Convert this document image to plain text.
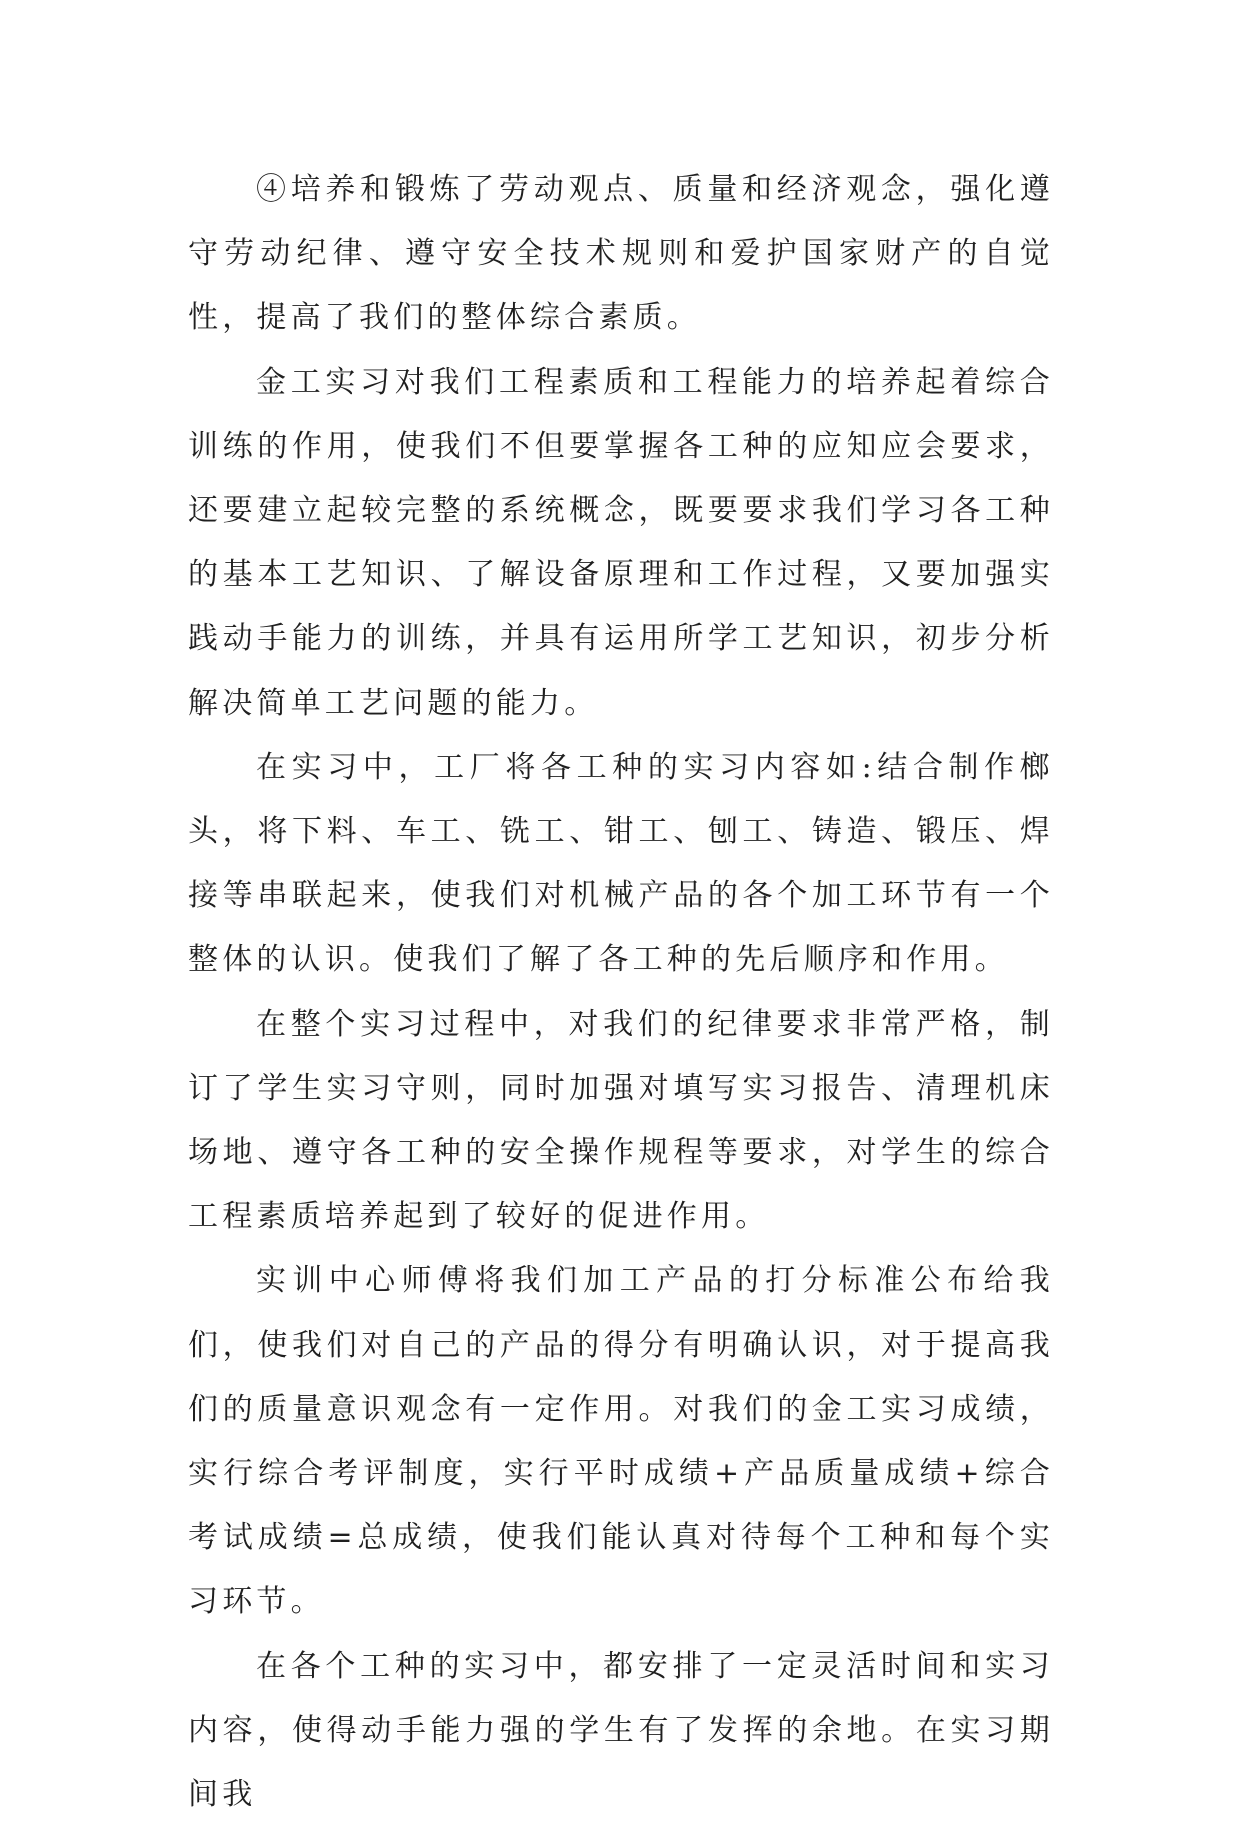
④培养和锻炼了劳动观点、质量和经济观念，强化遵守劳动纪律、遵守安全技术规则和爱护国家财产的自觉性，提高了我们的整体综合素质。

金工实习对我们工程素质和工程能力的培养起着综合训练的作用，使我们不但要掌握各工种的应知应会要求，还要建立起较完整的系统概念，既要要求我们学习各工种的基本工艺知识、了解设备原理和工作过程，又要加强实践动手能力的训练，并具有运用所学工艺知识，初步分析解决简单工艺问题的能力。

在实习中，工厂将各工种的实习内容如:结合制作榔头，将下料、车工、铣工、钳工、刨工、铸造、锻压、焊接等串联起来，使我们对机械产品的各个加工环节有一个整体的认识。使我们了解了各工种的先后顺序和作用。

在整个实习过程中，对我们的纪律要求非常严格，制订了学生实习守则，同时加强对填写实习报告、清理机床场地、遵守各工种的安全操作规程等要求，对学生的综合工程素质培养起到了较好的促进作用。

实训中心师傅将我们加工产品的打分标准公布给我们，使我们对自己的产品的得分有明确认识，对于提高我们的质量意识观念有一定作用。对我们的金工实习成绩，实行综合考评制度，实行平时成绩+产品质量成绩+综合考试成绩=总成绩，使我们能认真对待每个工种和每个实习环节。

在各个工种的实习中，都安排了一定灵活时间和实习内容，使得动手能力强的学生有了发挥的余地。在实习期间我
